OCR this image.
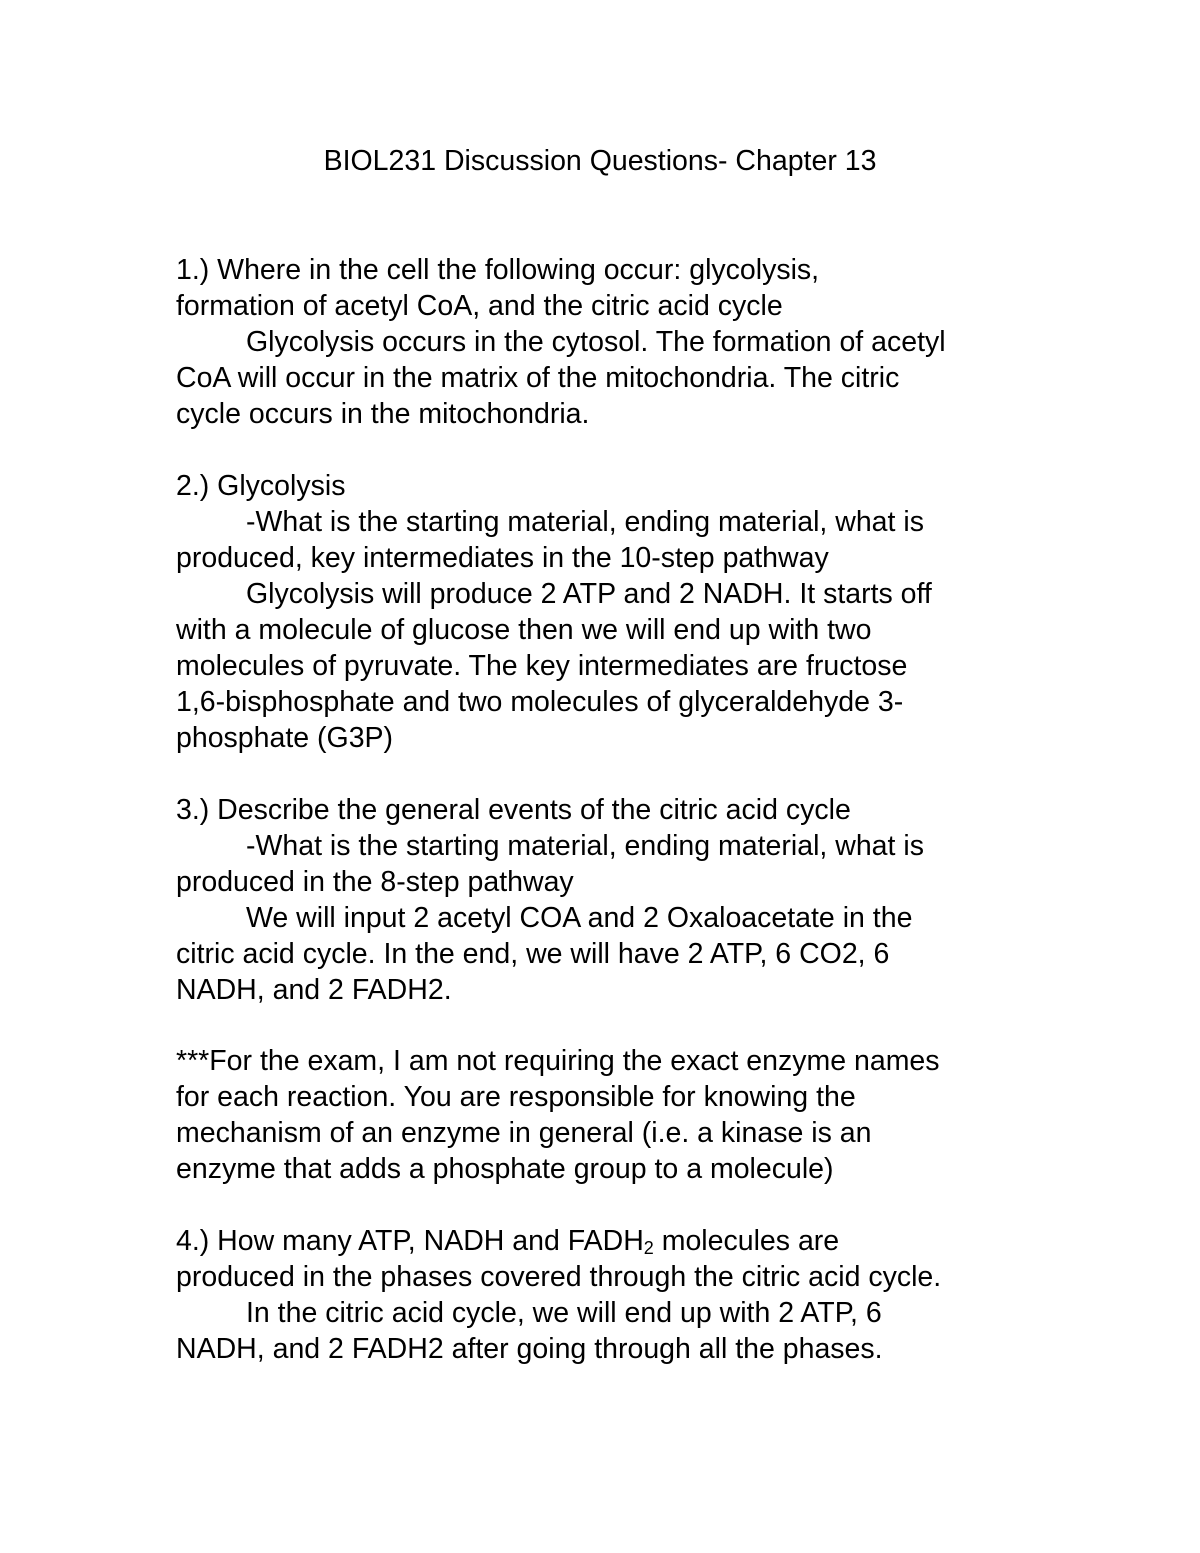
BIOL231 Discussion Questions- Chapter 13
1.) Where in the cell the following occur: glycolysis,
formation of acetyl CoA, and the citric acid cycle
Glycolysis occurs in the cytosol. The formation of acetyl
CoA will occur in the matrix of the mitochondria. The citric
cycle occurs in the mitochondria.
2.) Glycolysis
-What is the starting material, ending material, what is
produced, key intermediates in the 10-step pathway
Glycolysis will produce 2 ATP and 2 NADH. It starts off
with a molecule of glucose then we will end up with two
molecules of pyruvate. The key intermediates are fructose
1,6-bisphosphate and two molecules of glyceraldehyde 3-
phosphate (G3P)
3.) Describe the general events of the citric acid cycle
-What is the starting material, ending material, what is
produced in the 8-step pathway
We will input 2 acetyl COA and 2 Oxaloacetate in the
citric acid cycle. In the end, we will have 2 ATP, 6 CO2, 6
NADH, and 2 FADH2.
***For the exam, I am not requiring the exact enzyme names
for each reaction. You are responsible for knowing the
mechanism of an enzyme in general (i.e. a kinase is an
enzyme that adds a phosphate group to a molecule)
4.) How many ATP, NADH and $FADH_2$ molecules are
produced in the phases covered through the citric acid cycle.
In the citric acid cycle, we will end up with 2 ATP, 6
NADH, and 2 FADH2 after going through all the phases.
